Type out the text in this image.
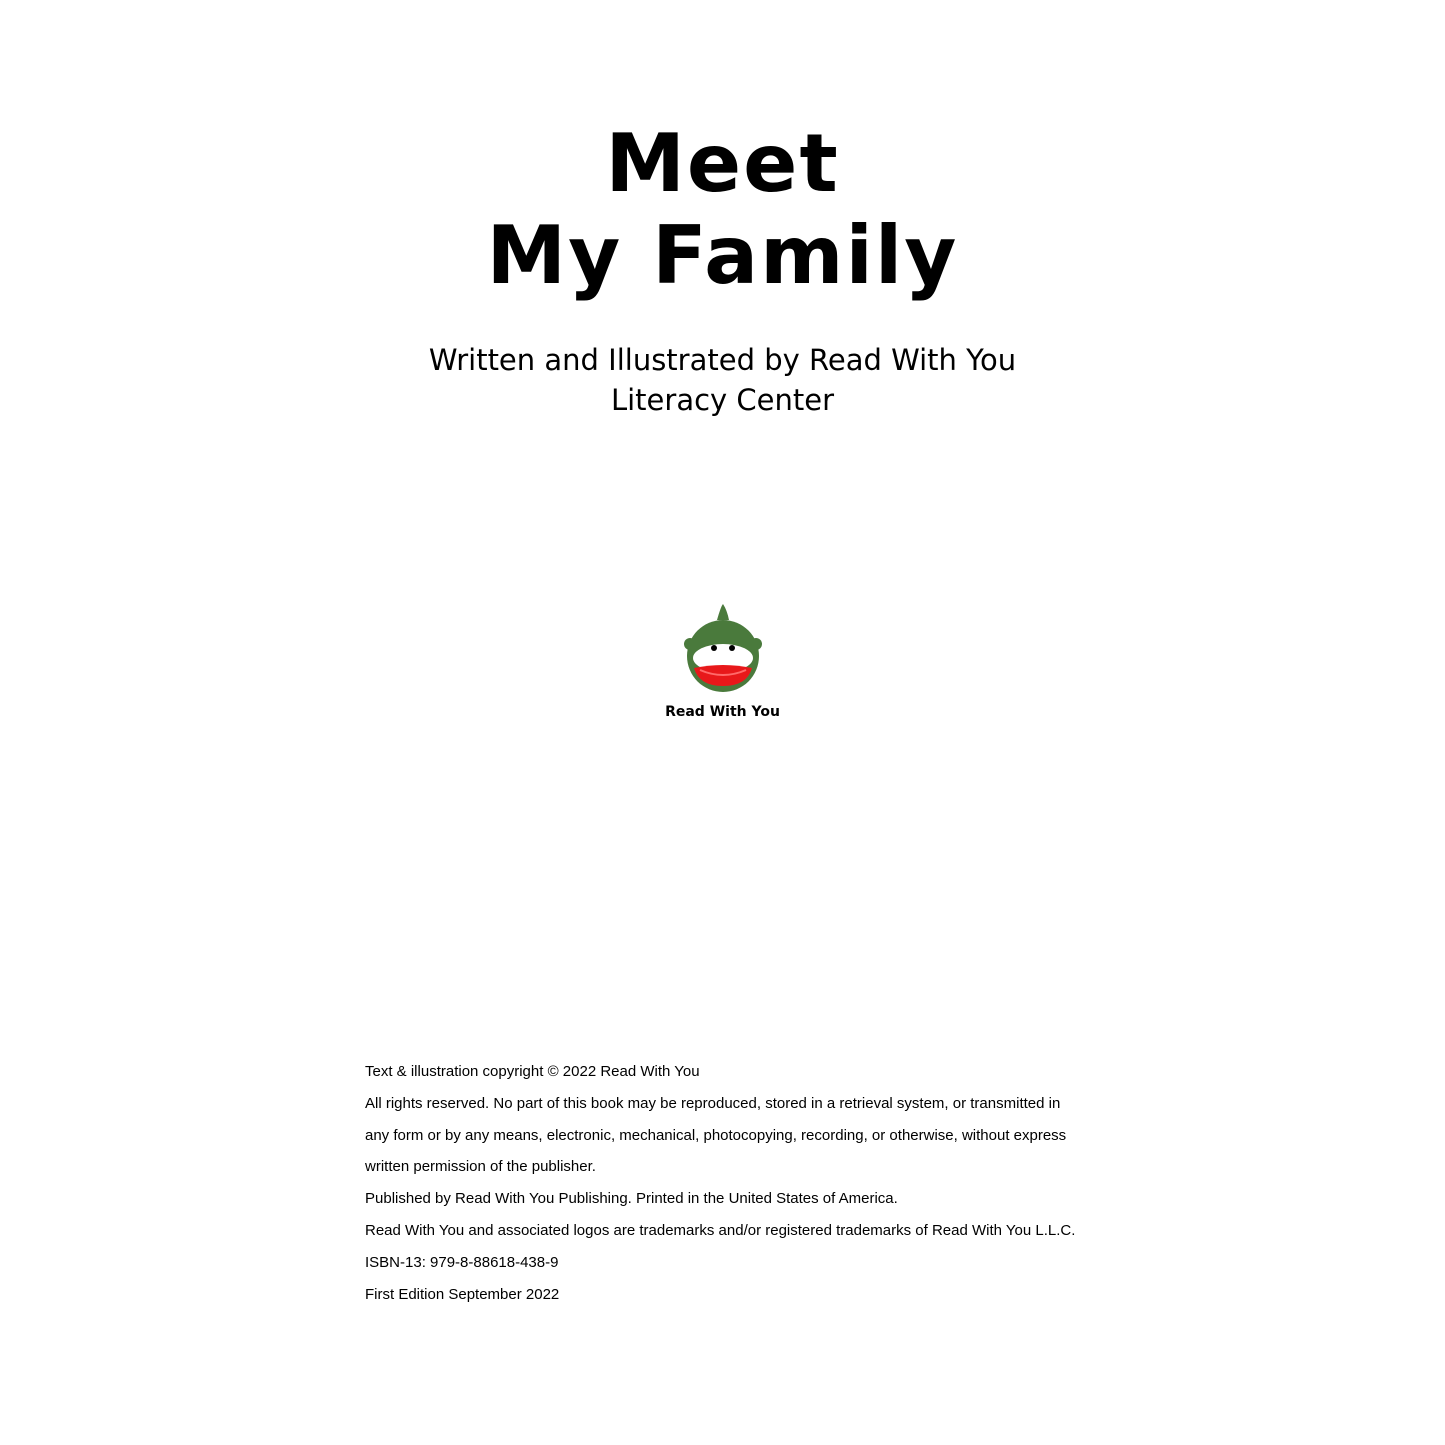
Meet
My Family
Written and Illustrated by Read With You
Literacy Center
Read With You
Text & illustration copyright © 2022 Read With You
All rights reserved. No part of this book may be reproduced, stored in a retrieval system, or transmitted in
any form or by any means, electronic, mechanical, photocopying, recording, or otherwise, without express
written permission of the publisher.
Published by Read With You Publishing. Printed in the United States of America.
Read With You and associated logos are trademarks and/or registered trademarks of Read With You L.L.C.
ISBN-13: 979-8-88618-438-9
First Edition September 2022
